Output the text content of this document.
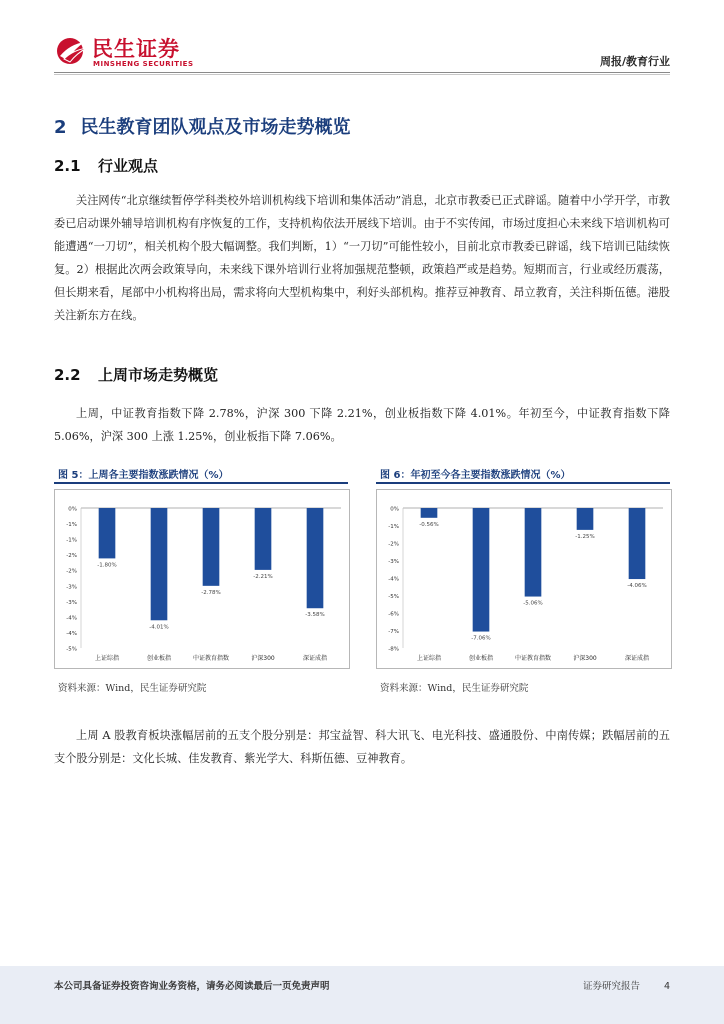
民生证券
MINSHENG SECURITIES	周报/教育行业
2 民生教育团队观点及市场走势概览
2.1 行业观点

关注网传“北京继续暂停学科类校外培训机构线下培训和集体活动”消息，北京市教委已正式辟谣。随着中小学开学，市教委已启动课外辅导培训机构有序恢复的工作，支持机构依法开展线下培训。由于不实传闻，市场过度担心未来线下培训机构可能遭遇“一刀切”，相关机构个股大幅调整。我们判断，1）“一刀切”可能性较小，目前北京市教委已辟谣，线下培训已陆续恢复。2）根据此次两会政策导向，未来线下课外培训行业将加强规范整顿，政策趋严或是趋势。短期而言，行业或经历震荡，但长期来看，尾部中小机构将出局，需求将向大型机构集中，利好头部机构。推荐豆神教育、昂立教育，关注科斯伍德。港股关注新东方在线。

2.2 上周市场走势概览

上周，中证教育指数下降 2.78%，沪深 300 下降 2.21%，创业板指数下降 4.01%。年初至今，中证教育指数下降 5.06%，沪深 300 上涨 1.25%，创业板指下降 7.06%。

图 5：上周各主要指数涨跌情况（%）
0%
-1%
-1%
-2%
-2%
-3%
-3%
-4%
-4%
-5%
-1.80%
上证综指
-4.01%
创业板指
-2.78%
中证教育指数
-2.21%
沪深300
-3.58%
深证成指
资料来源：Wind，民生证券研究院
图 6：年初至今各主要指数涨跌情况（%）
0%
-1%
-2%
-3%
-4%
-5%
-6%
-7%
-8%
-0.56%
上证综指
-7.06%
创业板指
-5.06%
中证教育指数
-1.25%
沪深300
-4.06%
深证成指
资料来源：Wind，民生证券研究院

上周 A 股教育板块涨幅居前的五支个股分别是：邦宝益智、科大讯飞、电光科技、盛通股份、中南传媒；跌幅居前的五支个股分别是：文化长城、佳发教育、紫光学大、科斯伍德、豆神教育。

本公司具备证券投资咨询业务资格，请务必阅读最后一页免责声明	证券研究报告	4
